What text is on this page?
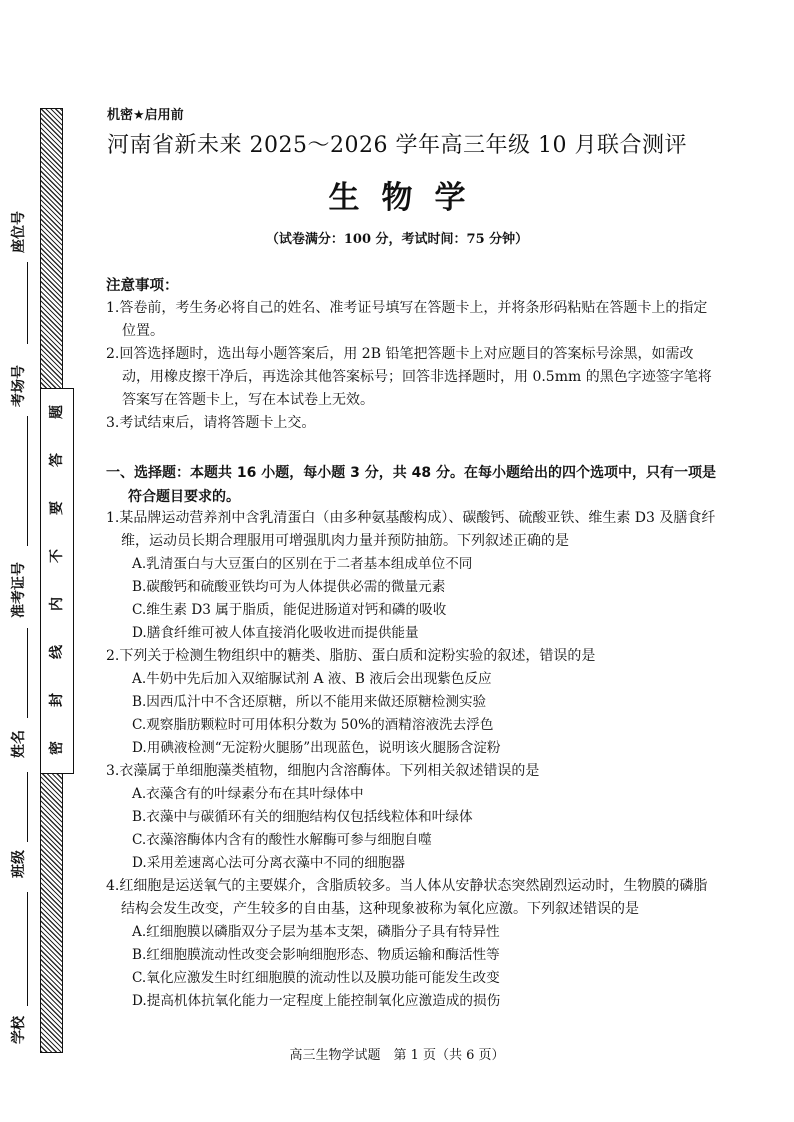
题
答
要
不
内
线
封
密
座位号
考场号
准考证号
姓名
班级
学校
机密★启用前
河南省新未来 2025～2026 学年高三年级 10 月联合测评
生物学
（试卷满分：100 分，考试时间：75 分钟）
注意事项：
1.答卷前，考生务必将自己的姓名、准考证号填写在答题卡上，并将条形码粘贴在答题卡上的指定位置。
2.回答选择题时，选出每小题答案后，用 2B 铅笔把答题卡上对应题目的答案标号涂黑，如需改动，用橡皮擦干净后，再选涂其他答案标号；回答非选择题时，用 0.5mm 的黑色字迹签字笔将答案写在答题卡上，写在本试卷上无效。
3.考试结束后，请将答题卡上交。
一、选择题：本题共 16 小题，每小题 3 分，共 48 分。在每小题给出的四个选项中，只有一项是符合题目要求的。
1.某品牌运动营养剂中含乳清蛋白（由多种氨基酸构成）、碳酸钙、硫酸亚铁、维生素 D3 及膳食纤维，运动员长期合理服用可增强肌肉力量并预防抽筋。下列叙述正确的是
A.乳清蛋白与大豆蛋白的区别在于二者基本组成单位不同
B.碳酸钙和硫酸亚铁均可为人体提供必需的微量元素
C.维生素 D3 属于脂质，能促进肠道对钙和磷的吸收
D.膳食纤维可被人体直接消化吸收进而提供能量
2.下列关于检测生物组织中的糖类、脂肪、蛋白质和淀粉实验的叙述，错误的是
A.牛奶中先后加入双缩脲试剂 A 液、B 液后会出现紫色反应
B.因西瓜汁中不含还原糖，所以不能用来做还原糖检测实验
C.观察脂肪颗粒时可用体积分数为 50%的酒精溶液洗去浮色
D.用碘液检测“无淀粉火腿肠”出现蓝色，说明该火腿肠含淀粉
3.衣藻属于单细胞藻类植物，细胞内含溶酶体。下列相关叙述错误的是
A.衣藻含有的叶绿素分布在其叶绿体中
B.衣藻中与碳循环有关的细胞结构仅包括线粒体和叶绿体
C.衣藻溶酶体内含有的酸性水解酶可参与细胞自噬
D.采用差速离心法可分离衣藻中不同的细胞器
4.红细胞是运送氧气的主要媒介，含脂质较多。当人体从安静状态突然剧烈运动时，生物膜的磷脂结构会发生改变，产生较多的自由基，这种现象被称为氧化应激。下列叙述错误的是
A.红细胞膜以磷脂双分子层为基本支架，磷脂分子具有特异性
B.红细胞膜流动性改变会影响细胞形态、物质运输和酶活性等
C.氧化应激发生时红细胞膜的流动性以及膜功能可能发生改变
D.提高机体抗氧化能力一定程度上能控制氧化应激造成的损伤
高三生物学试题　第 1 页（共 6 页）
